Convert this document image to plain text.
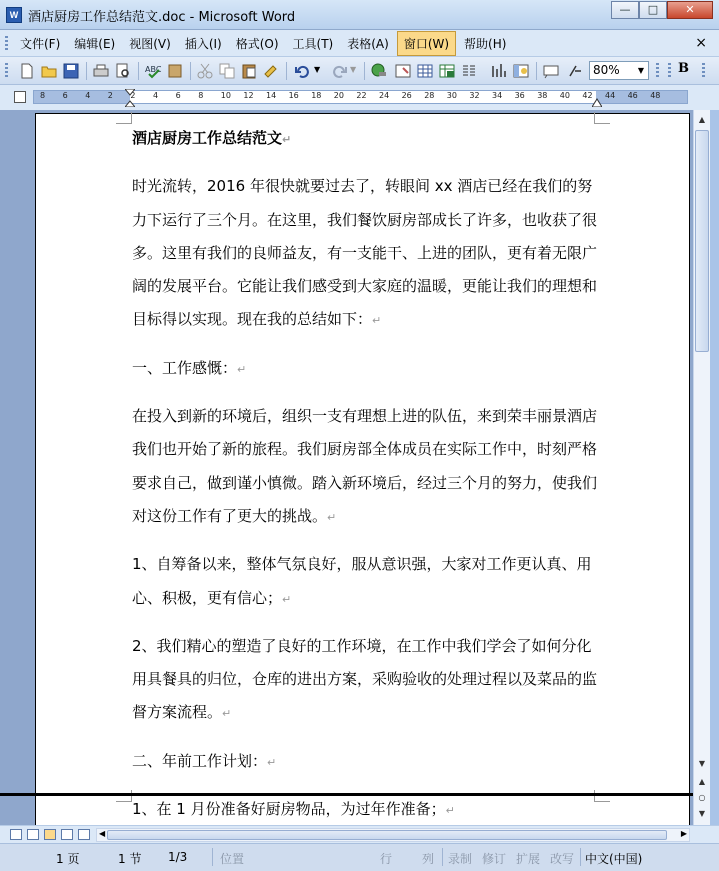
W 酒店厨房工作总结范文.doc - Microsoft Word
—	□	✕
文件(F)	编辑(E)	视图(V)	插入(I)	格式(O)	工具(T)	表格(A)	窗口(W)	帮助(H)	×
ABC	▼	▼	80%	▼	B
8 6 4 2 2 4 6 8 10 12 14 16 18 20 22 24 26 28 30 32 34 36 38 40 42 44 46 48

酒店厨房工作总结范文↵

时光流转，2016 年很快就要过去了，转眼间 xx 酒店已经在我们的努力下运行了三个月。在这里，我们餐饮厨房部成长了许多，也收获了很多。这里有我们的良师益友，有一支能干、上进的团队，更有着无限广阔的发展平台。它能让我们感受到大家庭的温暖，更能让我们的理想和目标得以实现。现在我的总结如下：↵

一、工作感慨：↵

在投入到新的环境后，组织一支有理想上进的队伍，来到荣丰丽景酒店我们也开始了新的旅程。我们厨房部全体成员在实际工作中，时刻严格要求自己，做到谨小慎微。踏入新环境后，经过三个月的努力，使我们对这份工作有了更大的挑战。↵

1、自筹备以来，整体气氛良好，服从意识强，大家对工作更认真、用心、积极，更有信心；↵

2、我们精心的塑造了良好的工作环境，在工作中我们学会了如何分化用具餐具的归位，仓库的进出方案，采购验收的处理过程以及菜品的监督方案流程。↵

二、年前工作计划：↵

1、在 1 月份准备好厨房物品，为过年作准备；↵

▲
▼
▲
○
▼
◀	▶
1 页	1 节 1/3	位置	行 列 录制 修订 扩展 改写 中文(中国)
